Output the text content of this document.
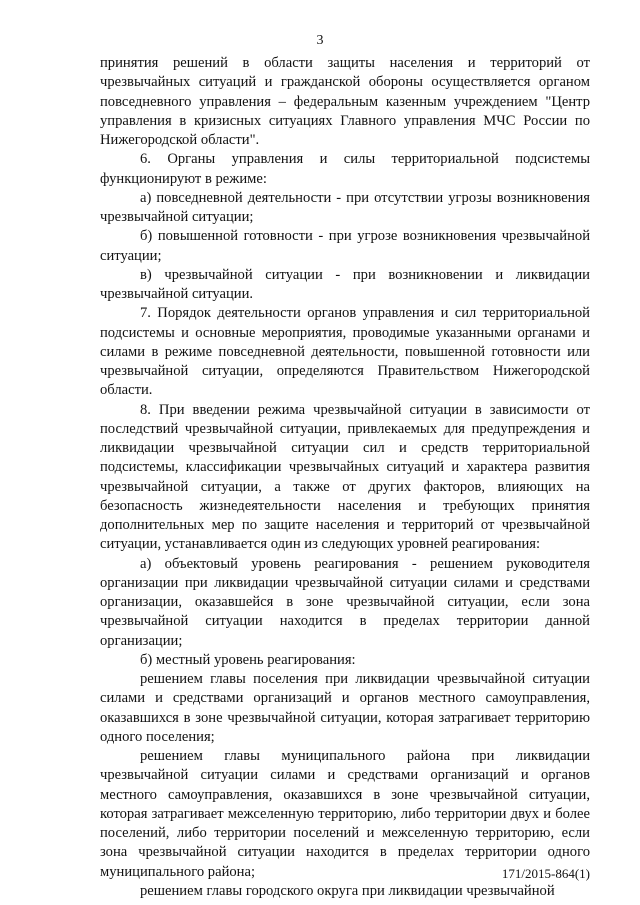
3

принятия решений в области защиты населения и территорий от чрезвычайных ситуаций и гражданской обороны осуществляется органом повседневного управления – федеральным казенным учреждением "Центр управления в кризисных ситуациях Главного управления МЧС России по Нижегородской области".

6. Органы управления и силы территориальной подсистемы функционируют в режиме:

а) повседневной деятельности - при отсутствии угрозы возникновения чрезвычайной ситуации;

б) повышенной готовности - при угрозе возникновения чрезвычайной ситуации;

в) чрезвычайной ситуации - при возникновении и ликвидации чрезвычайной ситуации.

7. Порядок деятельности органов управления и сил территориальной подсистемы и основные мероприятия, проводимые указанными органами и силами в режиме повседневной деятельности, повышенной готовности или чрезвычайной ситуации, определяются Правительством Нижегородской области.

8. При введении режима чрезвычайной ситуации в зависимости от последствий чрезвычайной ситуации, привлекаемых для предупреждения и ликвидации чрезвычайной ситуации сил и средств территориальной подсистемы, классификации чрезвычайных ситуаций и характера развития чрезвычайной ситуации, а также от других факторов, влияющих на безопасность жизнедеятельности населения и требующих принятия дополнительных мер по защите населения и территорий от чрезвычайной ситуации, устанавливается один из следующих уровней реагирования:

а) объектовый уровень реагирования - решением руководителя организации при ликвидации чрезвычайной ситуации силами и средствами организации, оказавшейся в зоне чрезвычайной ситуации, если зона чрезвычайной ситуации находится в пределах территории данной организации;

б) местный уровень реагирования:

решением главы поселения при ликвидации чрезвычайной ситуации силами и средствами организаций и органов местного самоуправления, оказавшихся в зоне чрезвычайной ситуации, которая затрагивает территорию одного поселения;

решением главы муниципального района при ликвидации чрезвычайной ситуации силами и средствами организаций и органов местного самоуправления, оказавшихся в зоне чрезвычайной ситуации, которая затрагивает межселенную территорию, либо территории двух и более поселений, либо территории поселений и межселенную территорию, если зона чрезвычайной ситуации находится в пределах территории одного муниципального района;

решением главы городского округа при ликвидации чрезвычайной

171/2015-864(1)
